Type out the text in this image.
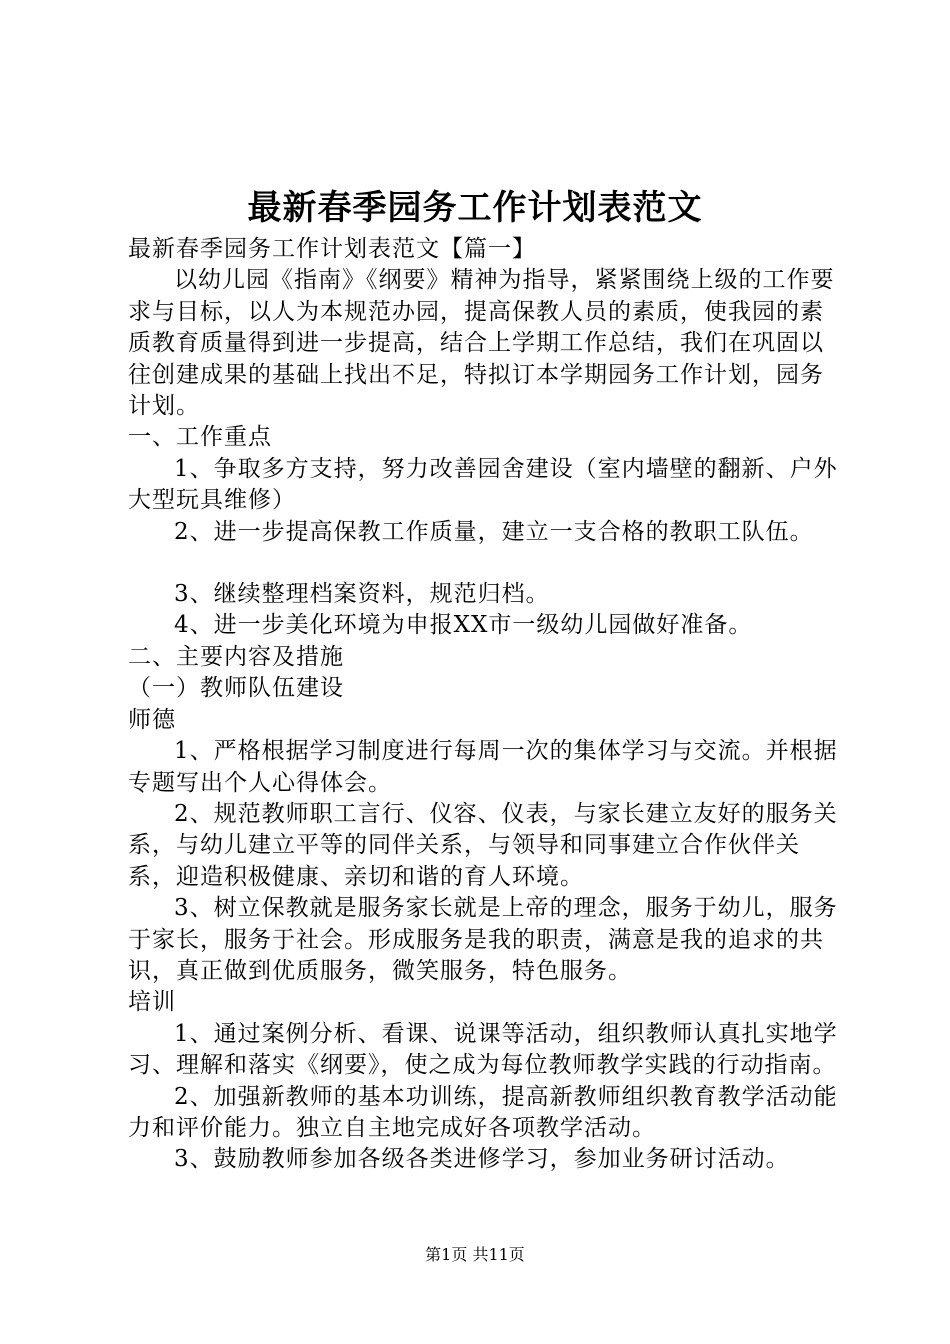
最新春季园务工作计划表范文

最新春季园务工作计划表范文【篇一】

以幼儿园《指南》《纲要》精神为指导，紧紧围绕上级的工作要求与目标，以人为本规范办园，提高保教人员的素质，使我园的素质教育质量得到进一步提高，结合上学期工作总结，我们在巩固以往创建成果的基础上找出不足，特拟订本学期园务工作计划，园务计划。

一、工作重点

1、争取多方支持，努力改善园舍建设（室内墙壁的翻新、户外大型玩具维修）

2、进一步提高保教工作质量，建立一支合格的教职工队伍。

3、继续整理档案资料，规范归档。

4、进一步美化环境为申报XX市一级幼儿园做好准备。

二、主要内容及措施

（一）教师队伍建设

师德

1、严格根据学习制度进行每周一次的集体学习与交流。并根据专题写出个人心得体会。

2、规范教师职工言行、仪容、仪表，与家长建立友好的服务关系，与幼儿建立平等的同伴关系，与领导和同事建立合作伙伴关系，迎造积极健康、亲切和谐的育人环境。

3、树立保教就是服务家长就是上帝的理念，服务于幼儿，服务于家长，服务于社会。形成服务是我的职责，满意是我的追求的共识，真正做到优质服务，微笑服务，特色服务。

培训

1、通过案例分析、看课、说课等活动，组织教师认真扎实地学习、理解和落实《纲要》，使之成为每位教师教学实践的行动指南。

2、加强新教师的基本功训练，提高新教师组织教育教学活动能力和评价能力。独立自主地完成好各项教学活动。

3、鼓励教师参加各级各类进修学习，参加业务研讨活动。

第1页 共11页
